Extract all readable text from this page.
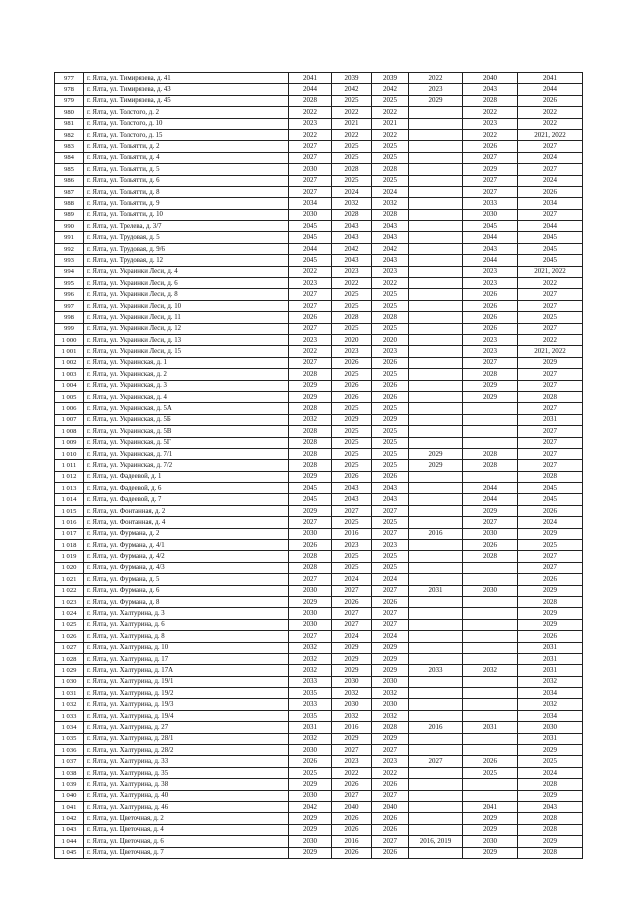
977	г. Ялта, ул. Тимирязева, д. 41	2041	2039	2039	2022	2040	2041
978	г. Ялта, ул. Тимирязева, д. 43	2044	2042	2042	2023	2043	2044
979	г. Ялта, ул. Тимирязева, д. 45	2028	2025	2025	2029	2028	2026
980	г. Ялта, ул. Толстого, д. 2	2022	2022	2022		2022	2022
981	г. Ялта, ул. Толстого, д. 10	2023	2021	2021		2023	2022
982	г. Ялта, ул. Толстого, д. 15	2022	2022	2022		2022	2021, 2022
983	г. Ялта, ул. Тольятти, д. 2	2027	2025	2025		2026	2027
984	г. Ялта, ул. Тольятти, д. 4	2027	2025	2025		2027	2024
985	г. Ялта, ул. Тольятти, д. 5	2030	2028	2028		2029	2027
986	г. Ялта, ул. Тольятти, д. 6	2027	2025	2025		2027	2024
987	г. Ялта, ул. Тольятти, д. 8	2027	2024	2024		2027	2026
988	г. Ялта, ул. Тольятти, д. 9	2034	2032	2032		2033	2034
989	г. Ялта, ул. Тольятти, д. 10	2030	2028	2028		2030	2027
990	г. Ялта, ул. Трелева, д. 3/7	2045	2043	2043		2045	2044
991	г. Ялта, ул. Трудовая, д. 5	2045	2043	2043		2044	2045
992	г. Ялта, ул. Трудовая, д. 9/6	2044	2042	2042		2043	2045
993	г. Ялта, ул. Трудовая, д. 12	2045	2043	2043		2044	2045
994	г. Ялта, ул. Украинки Леси, д. 4	2022	2023	2023		2023	2021, 2022
995	г. Ялта, ул. Украинки Леси, д. 6	2023	2022	2022		2023	2022
996	г. Ялта, ул. Украинки Леси, д. 8	2027	2025	2025		2026	2027
997	г. Ялта, ул. Украинки Леси, д. 10	2027	2025	2025		2026	2027
998	г. Ялта, ул. Украинки Леси, д. 11	2026	2028	2028		2026	2025
999	г. Ялта, ул. Украинки Леси, д. 12	2027	2025	2025		2026	2027
1 000	г. Ялта, ул. Украинки Леси, д. 13	2023	2020	2020		2023	2022
1 001	г. Ялта, ул. Украинки Леси, д. 15	2022	2023	2023		2023	2021, 2022
1 002	г. Ялта, ул. Украинская, д. 1	2027	2026	2026		2027	2029
1 003	г. Ялта, ул. Украинская, д. 2	2028	2025	2025		2028	2027
1 004	г. Ялта, ул. Украинская, д. 3	2029	2026	2026		2029	2027
1 005	г. Ялта, ул. Украинская, д. 4	2029	2026	2026		2029	2028
1 006	г. Ялта, ул. Украинская, д. 5А	2028	2025	2025			2027
1 007	г. Ялта, ул. Украинская, д. 5Б	2032	2029	2029			2031
1 008	г. Ялта, ул. Украинская, д. 5В	2028	2025	2025			2027
1 009	г. Ялта, ул. Украинская, д. 5Г	2028	2025	2025			2027
1 010	г. Ялта, ул. Украинская, д. 7/1	2028	2025	2025	2029	2028	2027
1 011	г. Ялта, ул. Украинская, д. 7/2	2028	2025	2025	2029	2028	2027
1 012	г. Ялта, ул. Фадеевой, д. 1	2029	2026	2026			2028
1 013	г. Ялта, ул. Фадеевой, д. 6	2045	2043	2043		2044	2045
1 014	г. Ялта, ул. Фадеевой, д. 7	2045	2043	2043		2044	2045
1 015	г. Ялта, ул. Фонтанная, д. 2	2029	2027	2027		2029	2026
1 016	г. Ялта, ул. Фонтанная, д. 4	2027	2025	2025		2027	2024
1 017	г. Ялта, ул. Фурмана, д. 2	2030	2016	2027	2016	2030	2029
1 018	г. Ялта, ул. Фурмана, д. 4/1	2026	2023	2023		2026	2025
1 019	г. Ялта, ул. Фурмана, д. 4/2	2028	2025	2025		2028	2027
1 020	г. Ялта, ул. Фурмана, д. 4/3	2028	2025	2025			2027
1 021	г. Ялта, ул. Фурмана, д. 5	2027	2024	2024			2026
1 022	г. Ялта, ул. Фурмана, д. 6	2030	2027	2027	2031	2030	2029
1 023	г. Ялта, ул. Фурмана, д. 8	2029	2026	2026			2028
1 024	г. Ялта, ул. Халтурина, д. 3	2030	2027	2027			2029
1 025	г. Ялта, ул. Халтурина, д. 6	2030	2027	2027			2029
1 026	г. Ялта, ул. Халтурина, д. 8	2027	2024	2024			2026
1 027	г. Ялта, ул. Халтурина, д. 10	2032	2029	2029			2031
1 028	г. Ялта, ул. Халтурина, д. 17	2032	2029	2029			2031
1 029	г. Ялта, ул. Халтурина, д. 17А	2032	2029	2029	2033	2032	2031
1 030	г. Ялта, ул. Халтурина, д. 19/1	2033	2030	2030			2032
1 031	г. Ялта, ул. Халтурина, д. 19/2	2035	2032	2032			2034
1 032	г. Ялта, ул. Халтурина, д. 19/3	2033	2030	2030			2032
1 033	г. Ялта, ул. Халтурина, д. 19/4	2035	2032	2032			2034
1 034	г. Ялта, ул. Халтурина, д. 27	2031	2016	2028	2016	2031	2030
1 035	г. Ялта, ул. Халтурина, д. 28/1	2032	2029	2029			2031
1 036	г. Ялта, ул. Халтурина, д. 28/2	2030	2027	2027			2029
1 037	г. Ялта, ул. Халтурина, д. 33	2026	2023	2023	2027	2026	2025
1 038	г. Ялта, ул. Халтурина, д. 35	2025	2022	2022		2025	2024
1 039	г. Ялта, ул. Халтурина, д. 38	2029	2026	2026			2028
1 040	г. Ялта, ул. Халтурина, д. 40	2030	2027	2027			2029
1 041	г. Ялта, ул. Халтурина, д. 46	2042	2040	2040		2041	2043
1 042	г. Ялта, ул. Цветочная, д. 2	2029	2026	2026		2029	2028
1 043	г. Ялта, ул. Цветочная, д. 4	2029	2026	2026		2029	2028
1 044	г. Ялта, ул. Цветочная, д. 6	2030	2016	2027	2016, 2019	2030	2029
1 045	г. Ялта, ул. Цветочная, д. 7	2029	2026	2026		2029	2028
